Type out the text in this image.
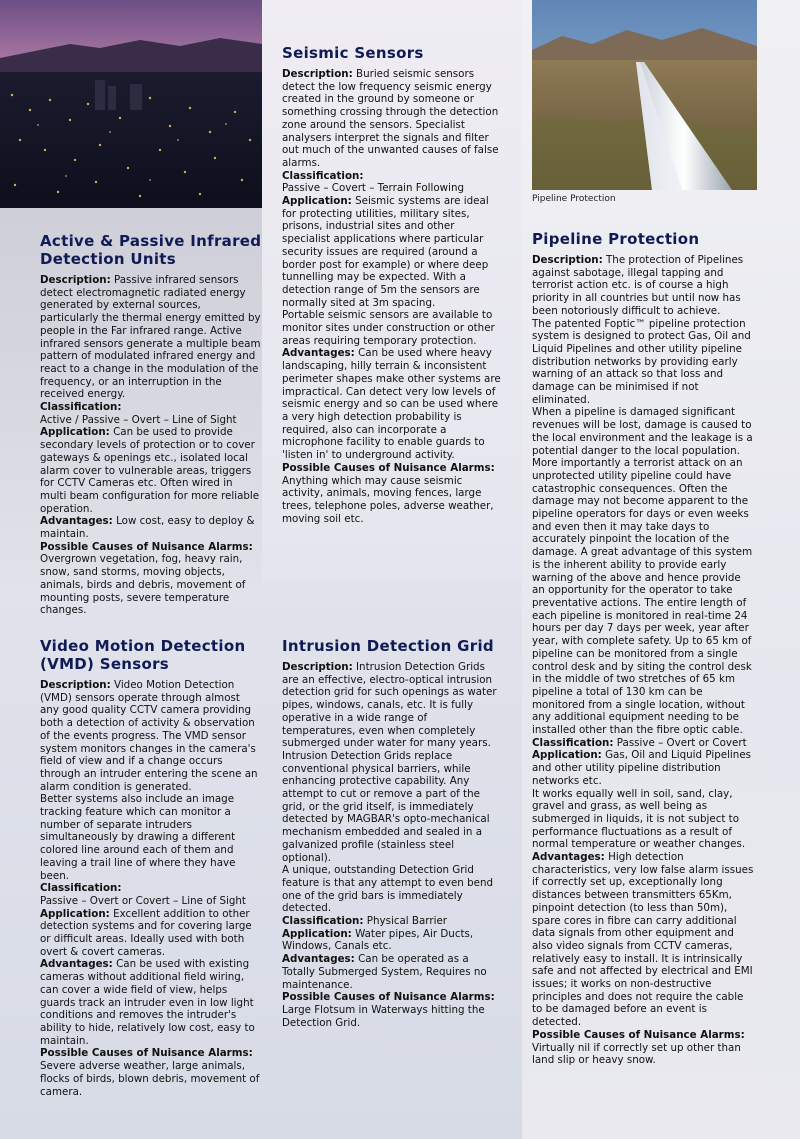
Pipeline Protection
Active & Passive Infrared Detection Units

Description: Passive infrared sensors detect electromagnetic radiated energy generated by external sources, particularly the thermal energy emitted by people in the Far infrared range. Active infrared sensors generate a multiple beam pattern of modulated infrared energy and react to a change in the modulation of the frequency, or an interruption in the received energy.

Classification:

Active / Passive – Overt – Line of Sight

Application: Can be used to provide secondary levels of protection or to cover gateways & openings etc., isolated local alarm cover to vulnerable areas, triggers for CCTV Cameras etc. Often wired in multi beam configuration for more reliable operation.

Advantages: Low cost, easy to deploy & maintain.

Possible Causes of Nuisance Alarms:

Overgrown vegetation, fog, heavy rain, snow, sand storms, moving objects, animals, birds and debris, movement of mounting posts, severe temperature changes.

Video Motion Detection (VMD) Sensors

Description: Video Motion Detection (VMD) sensors operate through almost any good quality CCTV camera providing both a detection of activity & observation of the events progress. The VMD sensor system monitors changes in the camera's field of view and if a change occurs through an intruder entering the scene an alarm condition is generated.

Better systems also include an image tracking feature which can monitor a number of separate intruders simultaneously by drawing a different colored line around each of them and leaving a trail line of where they have been.

Classification:

Passive – Overt or Covert – Line of Sight

Application: Excellent addition to other detection systems and for covering large or difficult areas. Ideally used with both overt & covert cameras.

Advantages: Can be used with existing cameras without additional field wiring, can cover a wide field of view, helps guards track an intruder even in low light conditions and removes the intruder's ability to hide, relatively low cost, easy to maintain.

Possible Causes of Nuisance Alarms:

Severe adverse weather, large animals, flocks of birds, blown debris, movement of camera.

Seismic Sensors

Description: Buried seismic sensors detect the low frequency seismic energy created in the ground by someone or something crossing through the detection zone around the sensors. Specialist analysers interpret the signals and filter out much of the unwanted causes of false alarms.

Classification:

Passive – Covert – Terrain Following

Application: Seismic systems are ideal for protecting utilities, military sites, prisons, industrial sites and other specialist applications where particular security issues are required (around a border post for example) or where deep tunnelling may be expected. With a detection range of 5m the sensors are normally sited at 3m spacing.

Portable seismic sensors are available to monitor sites under construction or other areas requiring temporary protection.

Advantages: Can be used where heavy landscaping, hilly terrain & inconsistent perimeter shapes make other systems are impractical. Can detect very low levels of seismic energy and so can be used where a very high detection probability is required, also can incorporate a microphone facility to enable guards to 'listen in' to underground activity.

Possible Causes of Nuisance Alarms:

Anything which may cause seismic activity, animals, moving fences, large trees, telephone poles, adverse weather, moving soil etc.

Intrusion Detection Grid

Description: Intrusion Detection Grids are an effective, electro-optical intrusion detection grid for such openings as water pipes, windows, canals, etc. It is fully operative in a wide range of temperatures, even when completely submerged under water for many years. Intrusion Detection Grids replace conventional physical barriers, while enhancing protective capability. Any attempt to cut or remove a part of the grid, or the grid itself, is immediately detected by MAGBAR's opto-mechanical mechanism embedded and sealed in a galvanized profile (stainless steel optional).

A unique, outstanding Detection Grid feature is that any attempt to even bend one of the grid bars is immediately detected.

Classification: Physical Barrier

Application: Water pipes, Air Ducts, Windows, Canals etc.

Advantages: Can be operated as a Totally Submerged System, Requires no maintenance.

Possible Causes of Nuisance Alarms:

Large Flotsum in Waterways hitting the Detection Grid.

Pipeline Protection

Description: The protection of Pipelines against sabotage, illegal tapping and terrorist action etc. is of course a high priority in all countries but until now has been notoriously difficult to achieve.

The patented Foptic™ pipeline protection system is designed to protect Gas, Oil and Liquid Pipelines and other utility pipeline distribution networks by providing early warning of an attack so that loss and damage can be minimised if not eliminated.

When a pipeline is damaged significant revenues will be lost, damage is caused to the local environment and the leakage is a potential danger to the local population. More importantly a terrorist attack on an unprotected utility pipeline could have catastrophic consequences. Often the damage may not become apparent to the pipeline operators for days or even weeks and even then it may take days to accurately pinpoint the location of the damage. A great advantage of this system is the inherent ability to provide early warning of the above and hence provide an opportunity for the operator to take preventative actions. The entire length of each pipeline is monitored in real-time 24 hours per day 7 days per week, year after year, with complete safety. Up to 65 km of pipeline can be monitored from a single control desk and by siting the control desk in the middle of two stretches of 65 km pipeline a total of 130 km can be monitored from a single location, without any additional equipment needing to be installed other than the fibre optic cable.

Classification: Passive – Overt or Covert

Application: Gas, Oil and Liquid Pipelines and other utility pipeline distribution networks etc.

It works equally well in soil, sand, clay, gravel and grass, as well being as submerged in liquids, it is not subject to performance fluctuations as a result of normal temperature or weather changes.

Advantages: High detection characteristics, very low false alarm issues if correctly set up, exceptionally long distances between transmitters 65Km, pinpoint detection (to less than 50m), spare cores in fibre can carry additional data signals from other equipment and also video signals from CCTV cameras, relatively easy to install. It is intrinsically safe and not affected by electrical and EMI issues; it works on non-destructive principles and does not require the cable to be damaged before an event is detected.

Possible Causes of Nuisance Alarms:

Virtually nil if correctly set up other than land slip or heavy snow.
